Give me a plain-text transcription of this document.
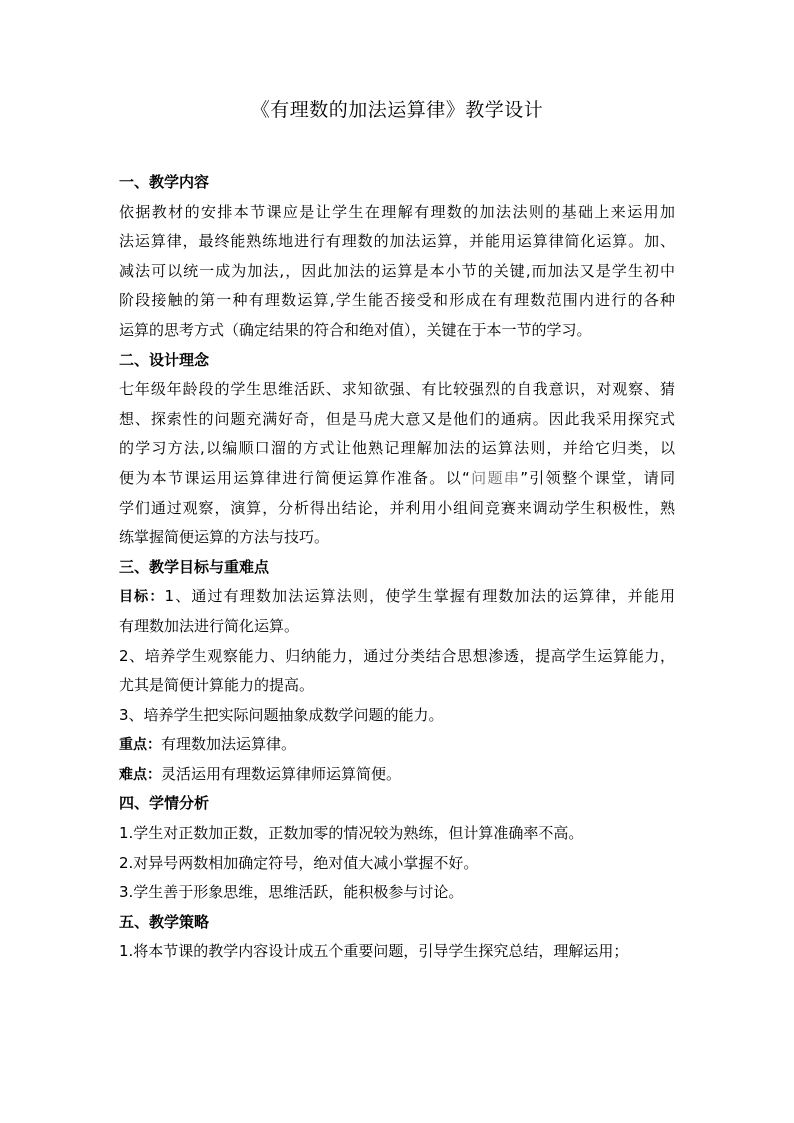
《有理数的加法运算律》教学设计
一、教学内容
依据教材的安排本节课应是让学生在理解有理数的加法法则的基础上来运用加
法运算律，最终能熟练地进行有理数的加法运算，并能用运算律简化运算。加、
减法可以统一成为加法,，因此加法的运算是本小节的关键,而加法又是学生初中
阶段接触的第一种有理数运算,学生能否接受和形成在有理数范围内进行的各种
运算的思考方式（确定结果的符合和绝对值），关键在于本一节的学习。
二、设计理念
七年级年龄段的学生思维活跃、求知欲强、有比较强烈的自我意识，对观察、猜
想、探索性的问题充满好奇，但是马虎大意又是他们的通病。因此我采用探究式
的学习方法,以编顺口溜的方式让他熟记理解加法的运算法则，并给它归类，以
便为本节课运用运算律进行简便运算作准备。以“问题串”引领整个课堂，请同
学们通过观察，演算，分析得出结论，并利用小组间竞赛来调动学生积极性，熟
练掌握简便运算的方法与技巧。
三、教学目标与重难点
目标：1、通过有理数加法运算法则，使学生掌握有理数加法的运算律，并能用
有理数加法进行简化运算。
2、培养学生观察能力、归纳能力，通过分类结合思想渗透，提高学生运算能力，
尤其是简便计算能力的提高。
3、培养学生把实际问题抽象成数学问题的能力。
重点：有理数加法运算律。
难点：灵活运用有理数运算律师运算简便。
四、学情分析
1.学生对正数加正数，正数加零的情况较为熟练，但计算准确率不高。
2.对异号两数相加确定符号，绝对值大减小掌握不好。
3.学生善于形象思维，思维活跃，能积极参与讨论。
五、教学策略
1.将本节课的教学内容设计成五个重要问题，引导学生探究总结，理解运用；
